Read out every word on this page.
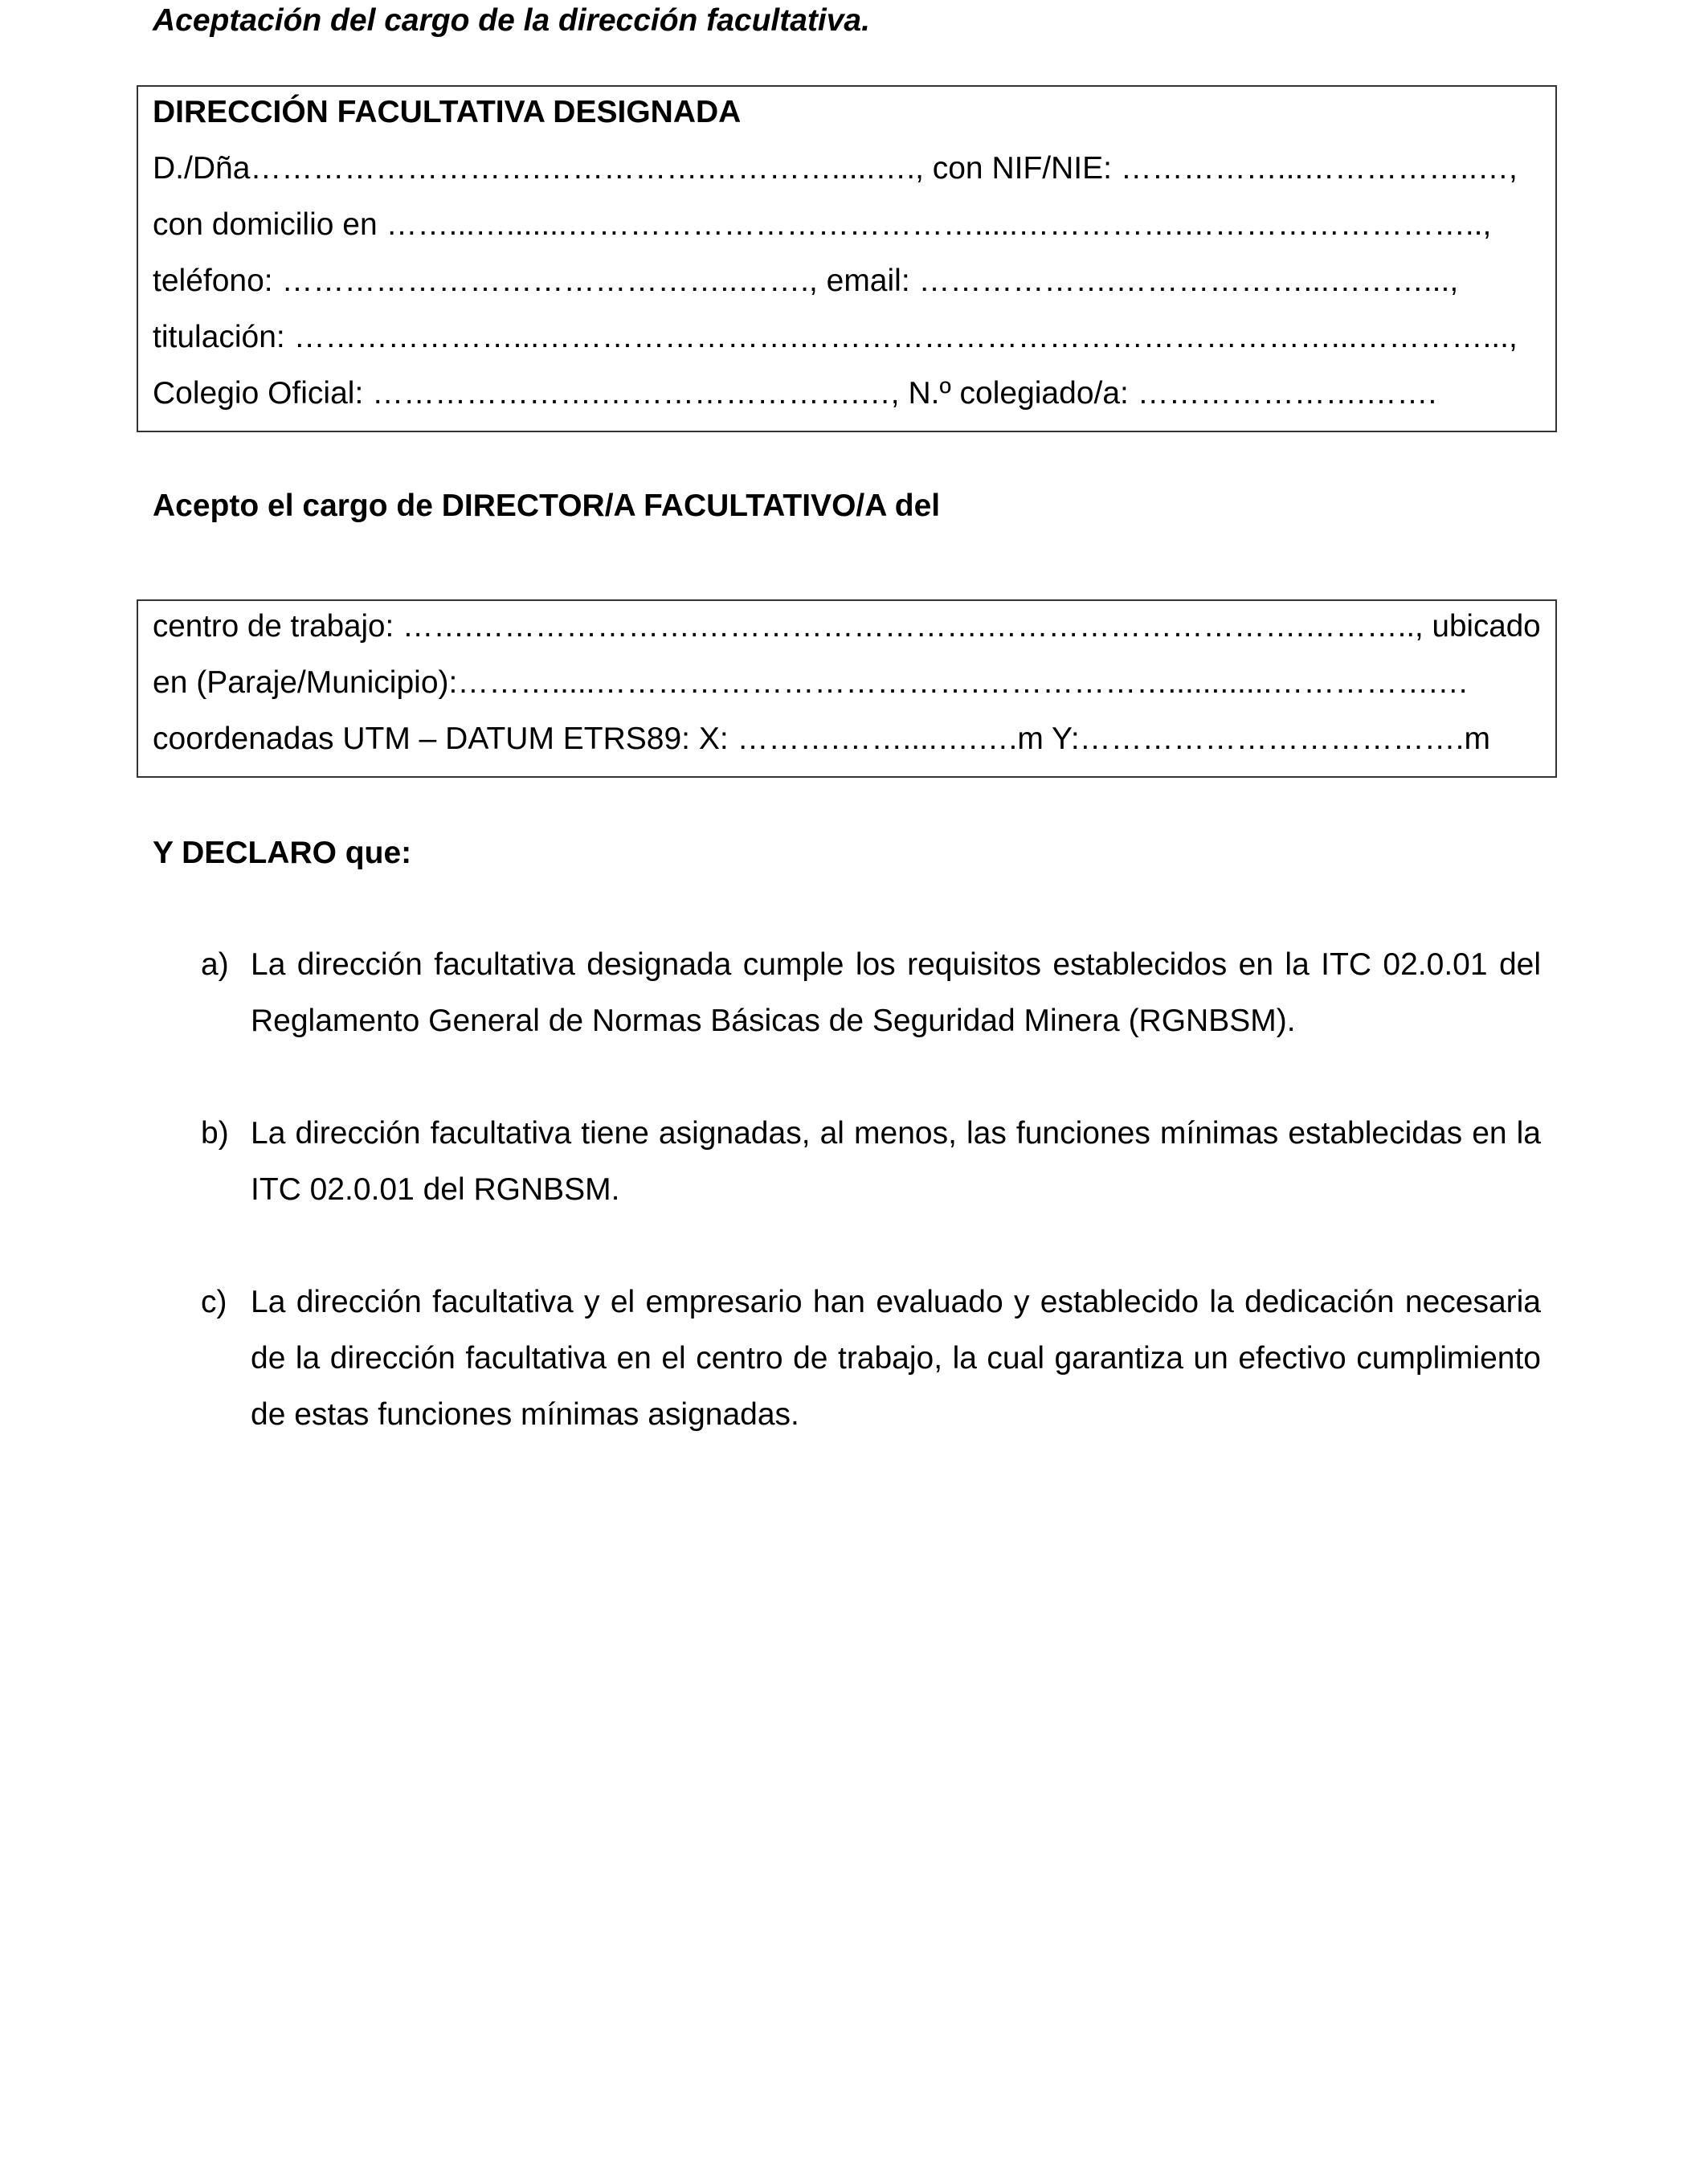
Aceptación del cargo de la dirección facultativa.
DIRECCIÓN FACULTATIVA DESIGNADA
D./Dña……………………….…………….………….....…., con NIF/NIE: ……………...……………..…,
con domicilio en ……...….......………………………………….....…………….………………………..,
teléfono: ……………………………………..……., email: ……………….………………...………...,
titulación: …………………...…………………….……………………………………………...…………...,
Colegio Oficial: ………………….…………………….…, N.º colegiado/a: ………………….…….
Acepto el cargo de DIRECTOR/A FACULTATIVO/A del
centro de trabajo: …….………………….……………………….………………………….……….., ubicado
en (Paraje/Municipio):……….....……………………………….………………............…………….…
coordenadas UTM – DATUM ETRS89: X: ……….……....….….m Y:……………………………….m
Y DECLARO que:
a) La dirección facultativa designada cumple los requisitos establecidos en la ITC 02.0.01 del Reglamento General de Normas Básicas de Seguridad Minera (RGNBSM).
b) La dirección facultativa tiene asignadas, al menos, las funciones mínimas establecidas en la ITC 02.0.01 del RGNBSM.
c) La dirección facultativa y el empresario han evaluado y establecido la dedicación necesaria de la dirección facultativa en el centro de trabajo, la cual garantiza un efectivo cumplimiento de estas funciones mínimas asignadas.
